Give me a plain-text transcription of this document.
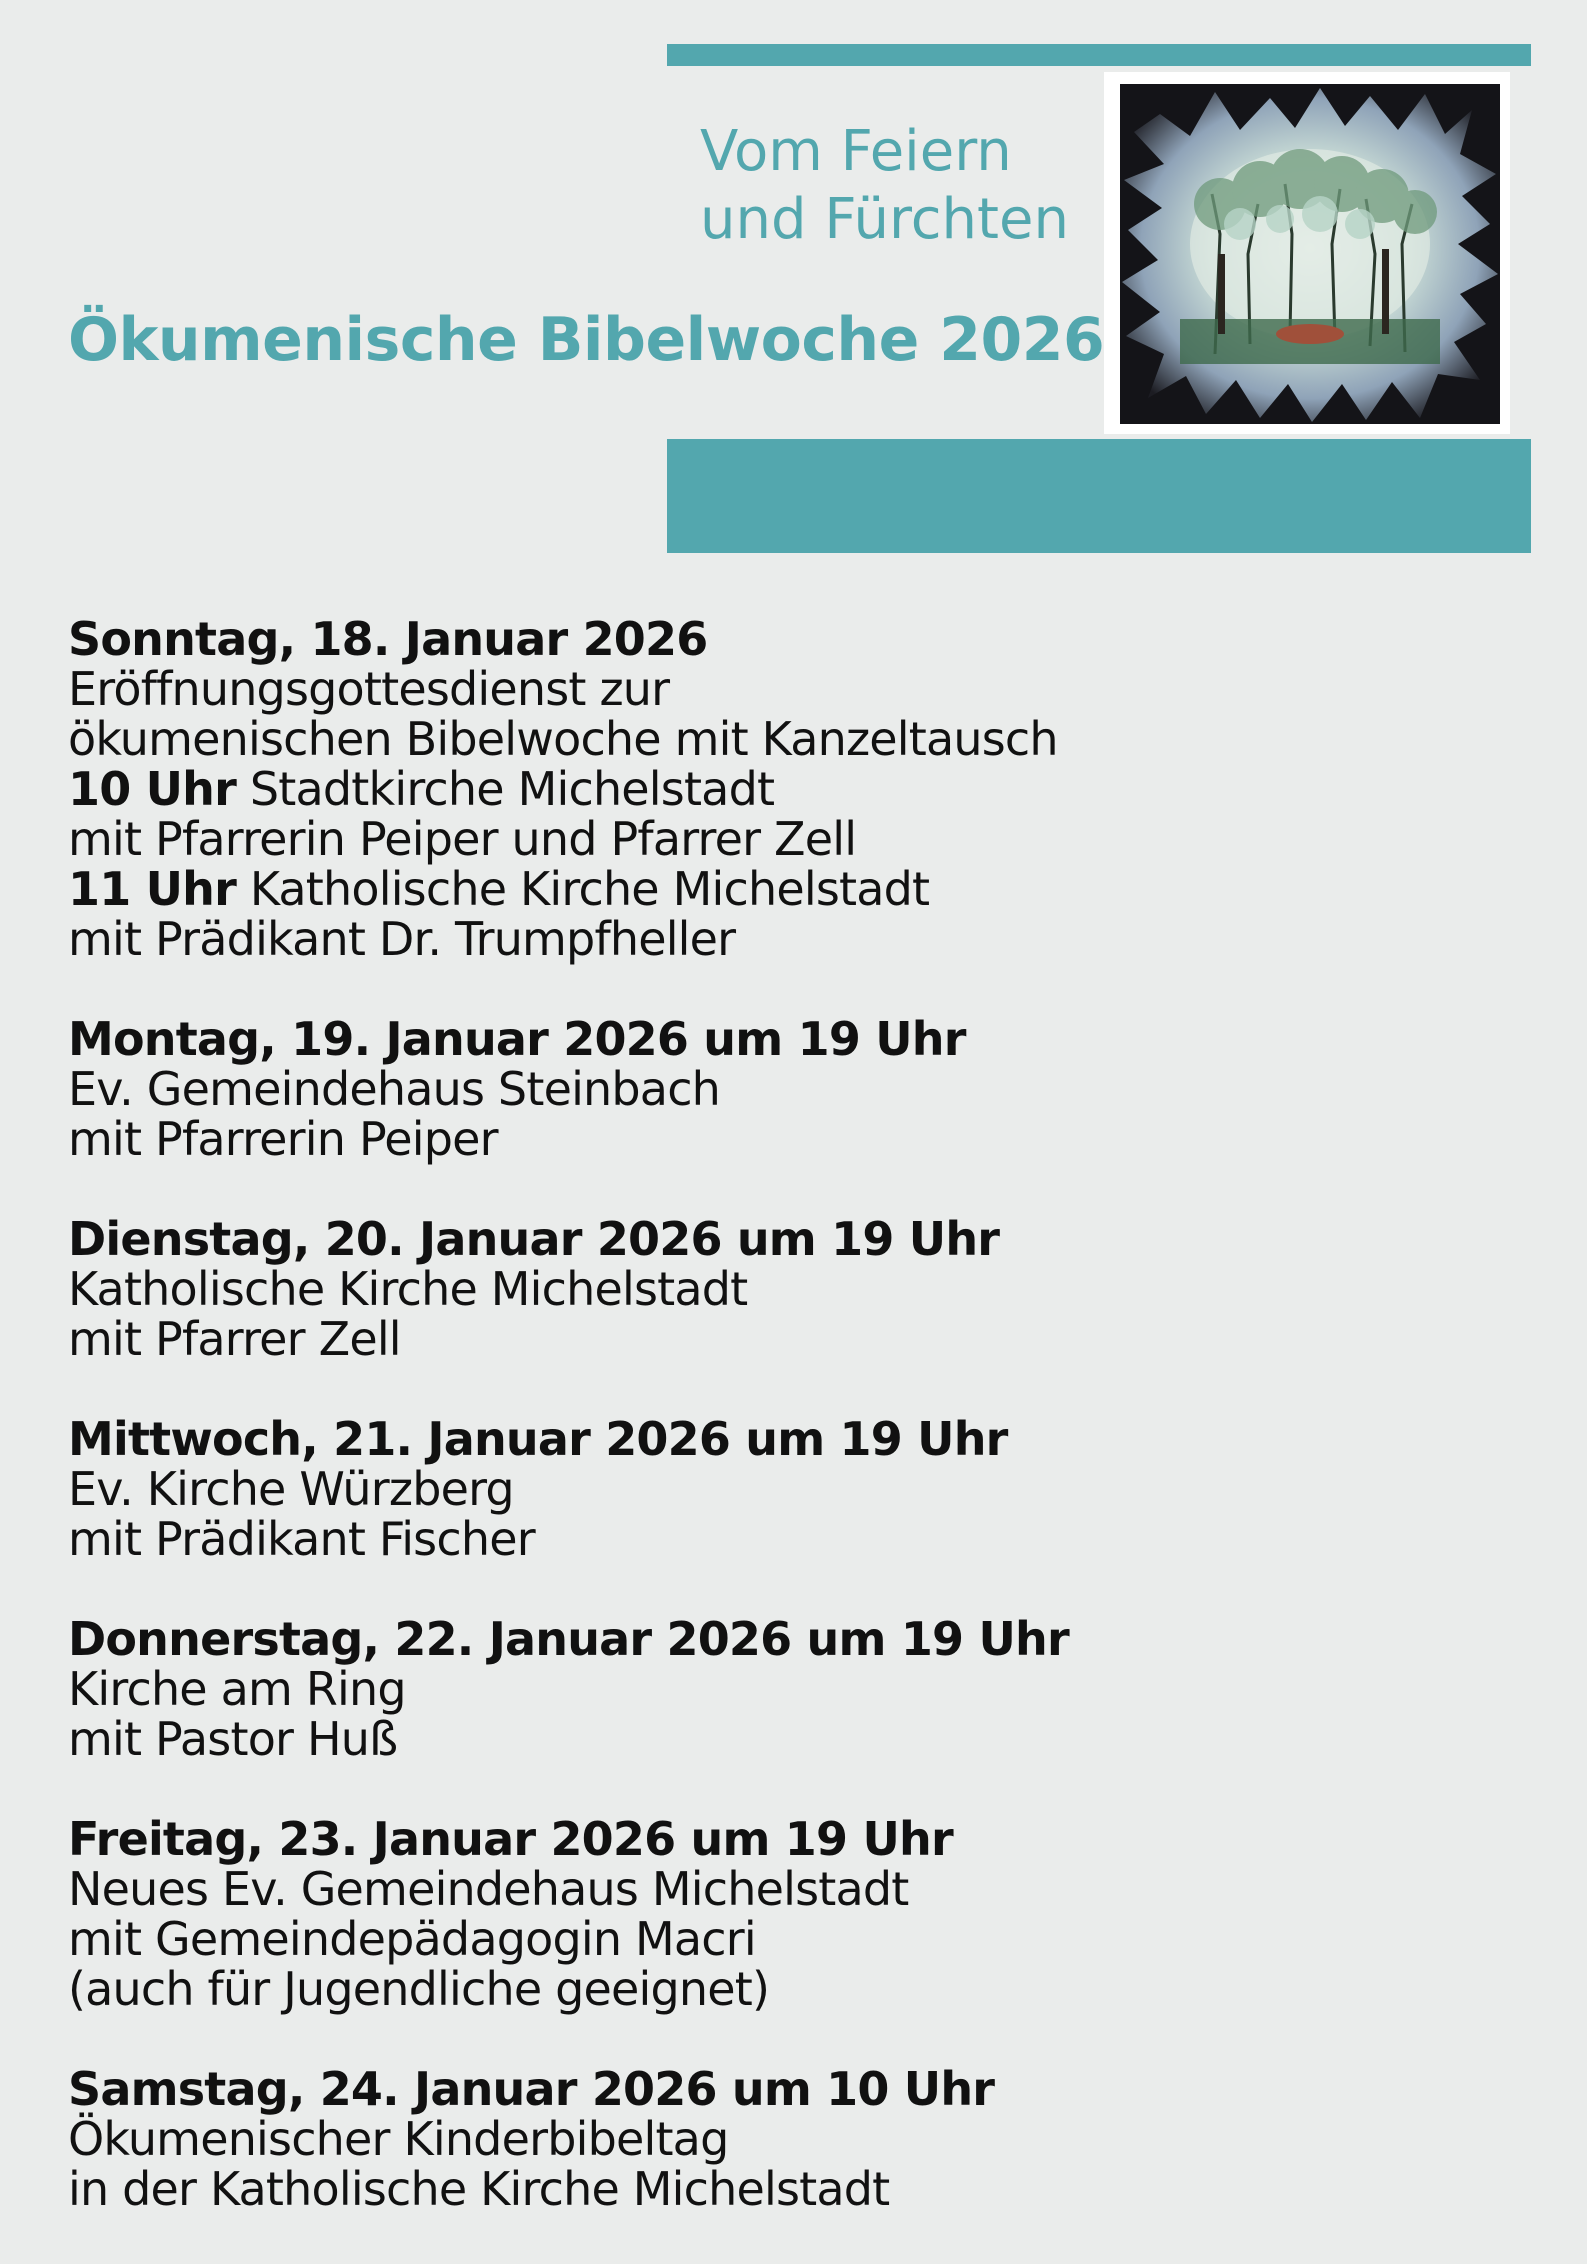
Vom Feiern
und Fürchten
Ökumenische Bibelwoche 2026
Sonntag, 18. Januar 2026
Eröffnungsgottesdienst zur
ökumenischen Bibelwoche mit Kanzeltausch
10 Uhr Stadtkirche Michelstadt
mit Pfarrerin Peiper und Pfarrer Zell
11 Uhr Katholische Kirche Michelstadt
mit Prädikant Dr. Trumpfheller
Montag, 19. Januar 2026 um 19 Uhr
Ev. Gemeindehaus Steinbach
mit Pfarrerin Peiper
Dienstag, 20. Januar 2026 um 19 Uhr
Katholische Kirche Michelstadt
mit Pfarrer Zell
Mittwoch, 21. Januar 2026 um 19 Uhr
Ev. Kirche Würzberg
mit Prädikant Fischer
Donnerstag, 22. Januar 2026 um 19 Uhr
Kirche am Ring
mit Pastor Huß
Freitag, 23. Januar 2026 um 19 Uhr
Neues Ev. Gemeindehaus Michelstadt
mit Gemeindepädagogin Macri
(auch für Jugendliche geeignet)
Samstag, 24. Januar 2026 um 10 Uhr
Ökumenischer Kinderbibeltag
in der Katholische Kirche Michelstadt
